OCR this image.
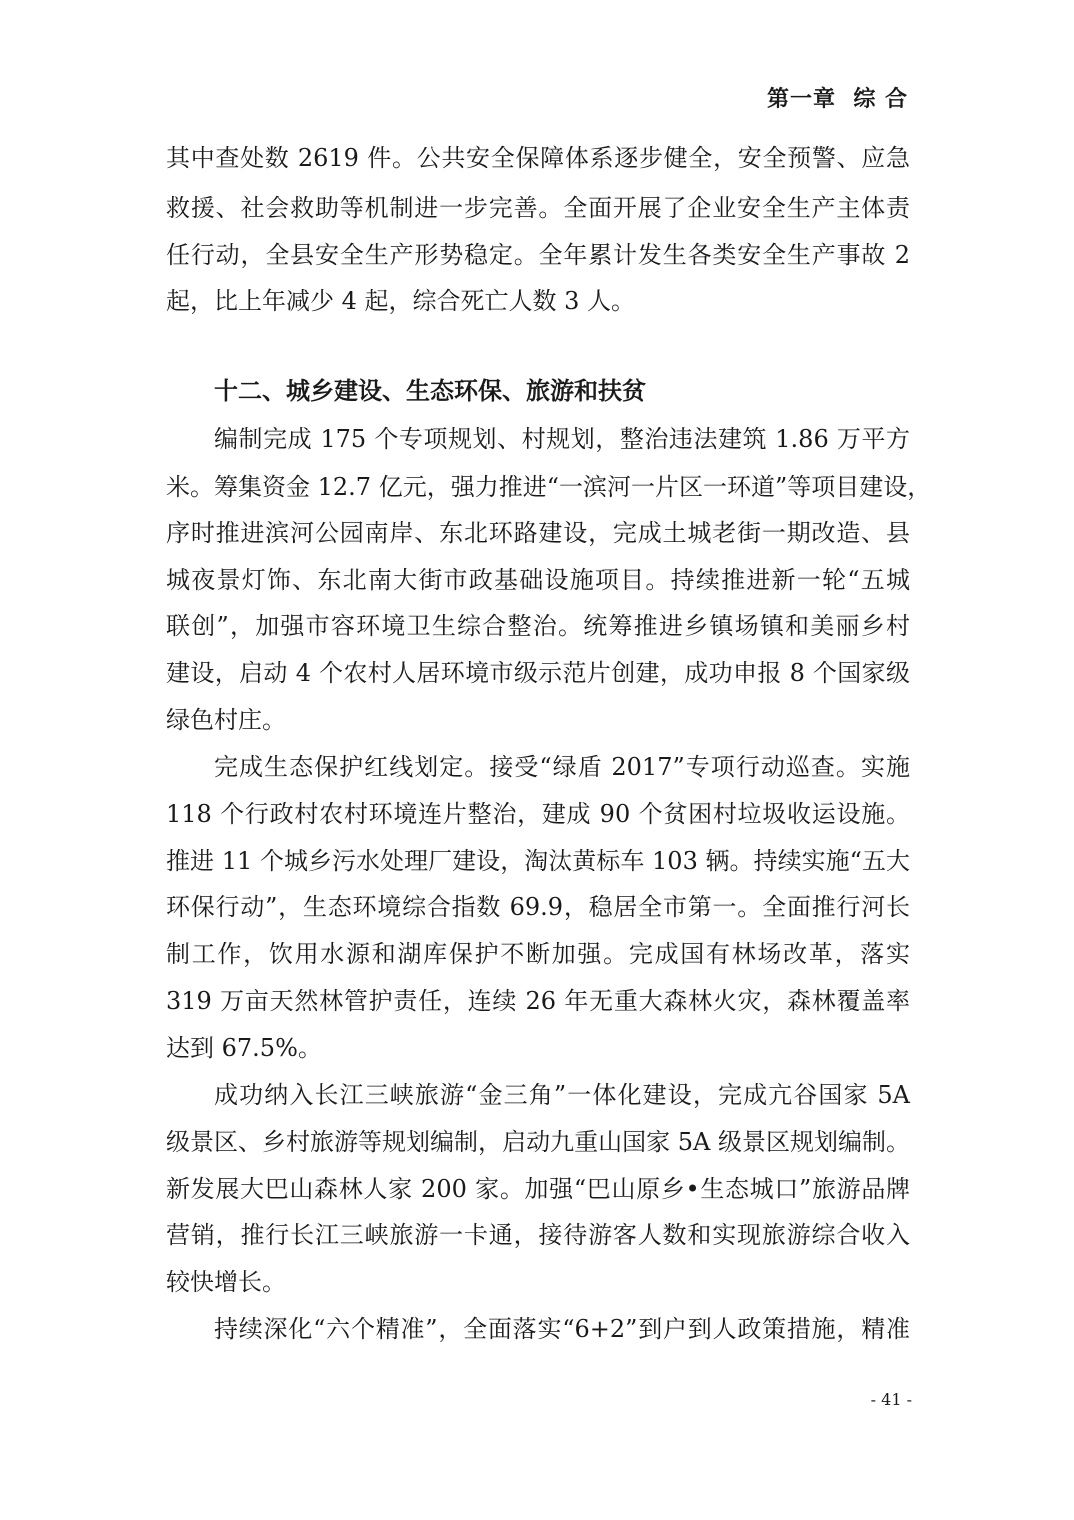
第一章  综 合
其中查处数 2619 件。公共安全保障体系逐步健全，安全预警、应急
救援、社会救助等机制进一步完善。全面开展了企业安全生产主体责
任行动，全县安全生产形势稳定。全年累计发生各类安全生产事故 2
起，比上年减少 4 起，综合死亡人数 3 人。
十二、城乡建设、生态环保、旅游和扶贫
编制完成 175 个专项规划、村规划，整治违法建筑 1.86 万平方
米。筹集资金 12.7 亿元，强力推进“一滨河一片区一环道”等项目建设，
序时推进滨河公园南岸、东北环路建设，完成土城老街一期改造、县
城夜景灯饰、东北南大街市政基础设施项目。持续推进新一轮“五城
联创”，加强市容环境卫生综合整治。统筹推进乡镇场镇和美丽乡村
建设，启动 4 个农村人居环境市级示范片创建，成功申报 8 个国家级
绿色村庄。
完成生态保护红线划定。接受“绿盾 2017”专项行动巡查。实施
118 个行政村农村环境连片整治，建成 90 个贫困村垃圾收运设施。
推进 11 个城乡污水处理厂建设，淘汰黄标车 103 辆。持续实施“五大
环保行动”，生态环境综合指数 69.9，稳居全市第一。全面推行河长
制工作，饮用水源和湖库保护不断加强。完成国有林场改革，落实
319 万亩天然林管护责任，连续 26 年无重大森林火灾，森林覆盖率
达到 67.5%。
成功纳入长江三峡旅游“金三角”一体化建设，完成亢谷国家 5A
级景区、乡村旅游等规划编制，启动九重山国家 5A 级景区规划编制。
新发展大巴山森林人家 200 家。加强“巴山原乡•生态城口”旅游品牌
营销，推行长江三峡旅游一卡通，接待游客人数和实现旅游综合收入
较快增长。
持续深化“六个精准”，全面落实“6+2”到户到人政策措施，精准
- 41 -
